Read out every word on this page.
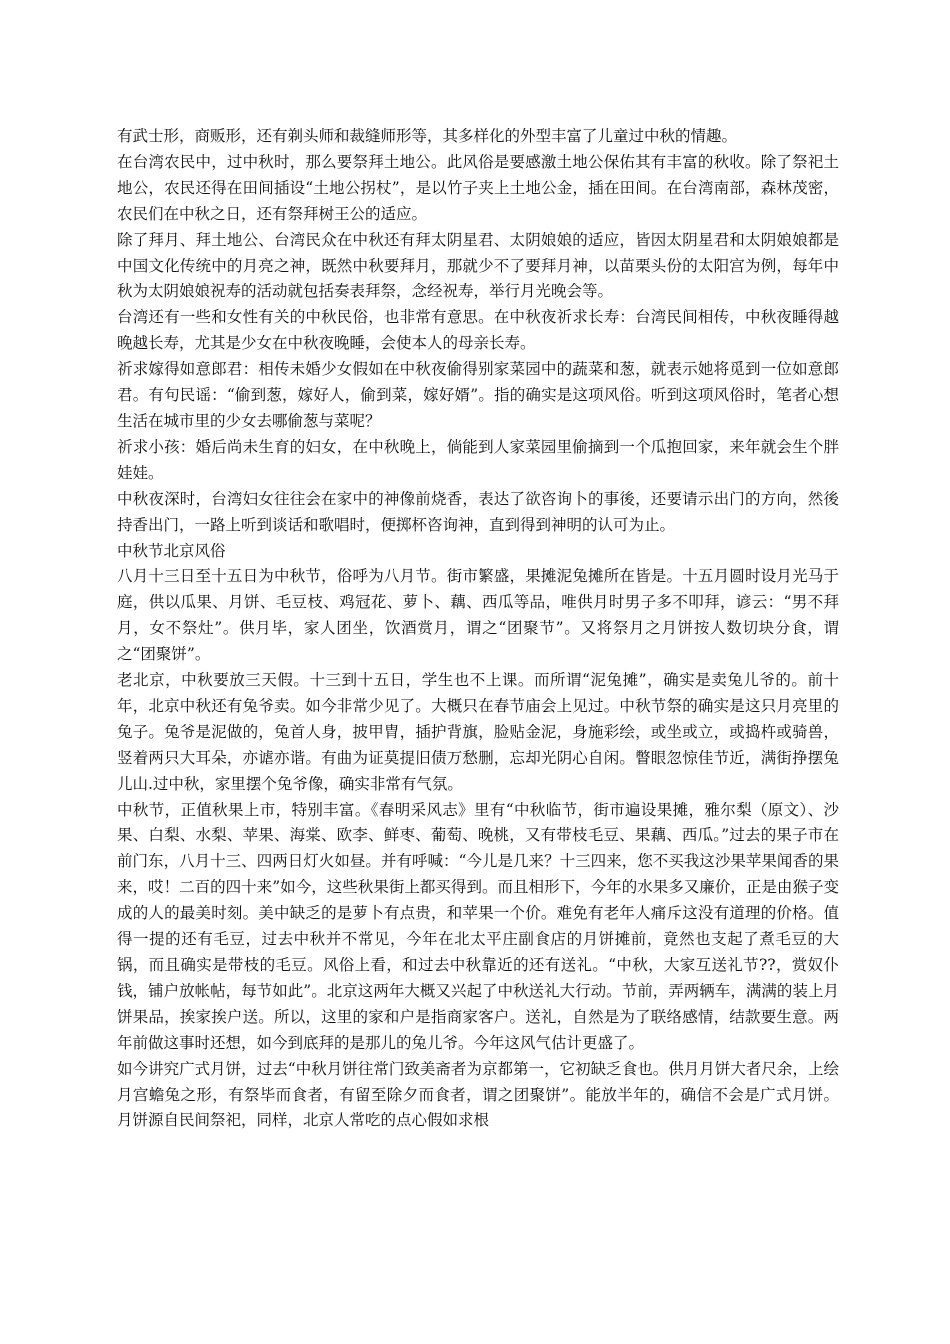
有武士形，商贩形，还有剃头师和裁缝师形等，其多样化的外型丰富了儿童过中秋的情趣。

在台湾农民中，过中秋时，那么要祭拜土地公。此风俗是要感激土地公保佑其有丰富的秋收。除了祭祀土地公，农民还得在田间插设“土地公拐杖”，是以竹子夹上土地公金，插在田间。在台湾南部，森林茂密，农民们在中秋之日，还有祭拜树王公的适应。

除了拜月、拜土地公、台湾民众在中秋还有拜太阴星君、太阴娘娘的适应，皆因太阴星君和太阴娘娘都是中国文化传统中的月亮之神，既然中秋要拜月，那就少不了要拜月神，以苗栗头份的太阳宫为例，每年中秋为太阴娘娘祝寿的活动就包括奏表拜祭，念经祝寿，举行月光晚会等。

台湾还有一些和女性有关的中秋民俗，也非常有意思。在中秋夜祈求长寿：台湾民间相传，中秋夜睡得越晚越长寿，尤其是少女在中秋夜晚睡，会使本人的母亲长寿。

祈求嫁得如意郎君：相传未婚少女假如在中秋夜偷得别家菜园中的蔬菜和葱，就表示她将觅到一位如意郎君。有句民谣：“偷到葱，嫁好人，偷到菜，嫁好婿”。指的确实是这项风俗。听到这项风俗时，笔者心想生活在城市里的少女去哪偷葱与菜呢？

祈求小孩：婚后尚未生育的妇女，在中秋晚上，倘能到人家菜园里偷摘到一个瓜抱回家，来年就会生个胖娃娃。

中秋夜深时，台湾妇女往往会在家中的神像前烧香，表达了欲咨询卜的事後，还要请示出门的方向，然後持香出门，一路上听到谈话和歌唱时，便掷杯咨询神，直到得到神明的认可为止。

中秋节北京风俗

八月十三日至十五日为中秋节，俗呼为八月节。街市繁盛，果摊泥兔摊所在皆是。十五月圆时设月光马于庭，供以瓜果、月饼、毛豆枝、鸡冠花、萝卜、藕、西瓜等品，唯供月时男子多不叩拜，谚云：“男不拜月，女不祭灶”。供月毕，家人团坐，饮酒赏月，谓之“团聚节”。又将祭月之月饼按人数切块分食，谓之“团聚饼”。

老北京，中秋要放三天假。十三到十五日，学生也不上课。而所谓“泥兔摊”，确实是卖兔儿爷的。前十年，北京中秋还有兔爷卖。如今非常少见了。大概只在春节庙会上见过。中秋节祭的确实是这只月亮里的兔子。兔爷是泥做的，兔首人身，披甲胄，插护背旗，脸贴金泥，身施彩绘，或坐或立，或捣杵或骑兽，竖着两只大耳朵，亦谑亦谐。有曲为证莫提旧债万愁删，忘却光阴心自闲。瞥眼忽惊佳节近，满街挣摆兔儿山.过中秋，家里摆个兔爷像，确实非常有气氛。

中秋节，正值秋果上市，特别丰富。《春明采风志》里有“中秋临节，街市遍设果摊，雅尔梨（原文）、沙果、白梨、水梨、苹果、海棠、欧李、鲜枣、葡萄、晚桃，又有带枝毛豆、果藕、西瓜。”过去的果子市在前门东，八月十三、四两日灯火如昼。并有呼喊：“今儿是几来？十三四来，您不买我这沙果苹果闻香的果来，哎！二百的四十来”如今，这些秋果街上都买得到。而且相形下，今年的水果多又廉价，正是由猴子变成的人的最美时刻。美中缺乏的是萝卜有点贵，和苹果一个价。难免有老年人痛斥这没有道理的价格。值得一提的还有毛豆，过去中秋并不常见，今年在北太平庄副食店的月饼摊前，竟然也支起了煮毛豆的大锅，而且确实是带枝的毛豆。风俗上看，和过去中秋靠近的还有送礼。“中秋，大家互送礼节??，赏奴仆钱，铺户放帐帖，每节如此”。北京这两年大概又兴起了中秋送礼大行动。节前，弄两辆车，满满的装上月饼果品，挨家挨户送。所以，这里的家和户是指商家客户。送礼，自然是为了联络感情，结款要生意。两年前做这事时还想，如今到底拜的是那儿的兔儿爷。今年这风气估计更盛了。

如今讲究广式月饼，过去“中秋月饼往常门致美斋者为京都第一，它初缺乏食也。供月月饼大者尺余，上绘月宫蟾兔之形，有祭毕而食者，有留至除夕而食者，谓之团聚饼”。能放半年的，确信不会是广式月饼。 月饼源自民间祭祀，同样，北京人常吃的点心假如求根
